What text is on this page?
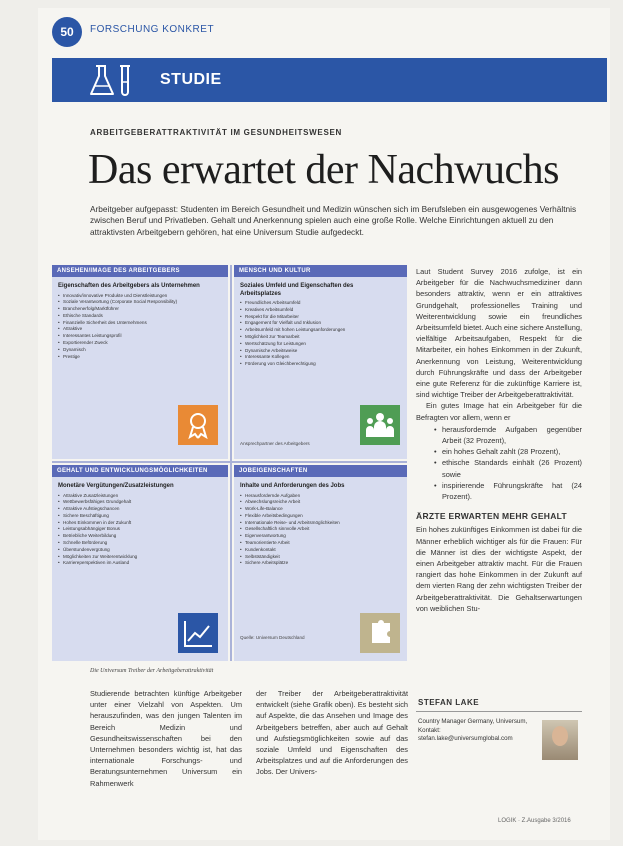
50	FORSCHUNG KONKRET
STUDIE
ARBEITGEBERATTRAKTIVITÄT IM GESUNDHEITSWESEN
Das erwartet der Nachwuchs
Arbeitgeber aufgepasst: Studenten im Bereich Gesundheit und Medizin wünschen sich im Berufsleben ein ausgewogenes Verhältnis zwischen Beruf und Privatleben. Gehalt und Anerkennung spielen auch eine große Rolle. Welche Einrichtungen aktuell zu den attraktivsten Arbeitgebern gehören, hat eine Universum Studie aufgedeckt.
ANSEHEN/IMAGE DES ARBEITGEBERS
Eigenschaften des Arbeitgebers als Unternehmen
• Innovativ/innovative Produkte und Dienstleistungen
• Soziale Verantwortung (Corporate Social Responsibility)
• Branchenerfolg/Marktführer
• Ethische Standards
• Finanzielle Sicherheit des Unternehmens
• Attraktive
• Interessantes Leistungsprofil
• Exportierender Zweck
• Dynamisch
• Prestige
MENSCH UND KULTUR
Soziales Umfeld und Eigenschaften des Arbeitsplatzes
• Freundliches Arbeitsumfeld
• Kreatives Arbeitsumfeld
• Respekt für die Mitarbeiter
• Engagement für Vielfalt und Inklusion
• Arbeitsumfeld mit hohen Leistungsanforderungen
• Möglichkeit zur Teamarbeit
• Wertschätzung für Leistungen
• Dynamische Arbeitsweise
• Interessante Kollegen
• Förderung von Gleichberechtigung
Ansprechpartner des Arbeitgebers
GEHALT UND ENTWICKLUNGSMÖGLICHKEITEN
Monetäre Vergütungen/Zusatzleistungen
• Attraktive Zusatzleistungen
• Wettbewerbsfähiges Grundgehalt
• Attraktive Aufstiegschancen
• Sichere Beschäftigung
• Hohes Einkommen in der Zukunft
• Leistungsabhängiger Bonus
• Betriebliche Weiterbildung
• Schnelle Beförderung
• Überstundenvergütung
• Möglichkeiten zur Weiterentwicklung
• Karriereperspektiven im Ausland
JOBEIGENSCHAFTEN
Inhalte und Anforderungen des Jobs
• Herausfordernde Aufgaben
• Abwechslungsreiche Arbeit
• Work-Life-Balance
• Flexible Arbeitsbedingungen
• Internationale Reise- und Arbeitsmöglichkeiten
• Gesellschaftlich sinnvolle Arbeit
• Eigenverantwortung
• Teamorientierte Arbeit
• Kundenkontakt
• Selbstständigkeit
• Sichere Arbeitsplätze
Quelle: Universum Deutschland
Die Universum Treiber der Arbeitgeberattraktivität

Laut Student Survey 2016 zufolge, ist ein Arbeitgeber für die Nachwuchsmediziner dann besonders attraktiv, wenn er ein attraktives Grundgehalt, professionelles Training und Weiterentwicklung sowie ein freundliches Arbeitsumfeld bietet. Auch eine sichere Anstellung, vielfältige Arbeitsaufgaben, Respekt für die Mitarbeiter, ein hohes Einkommen in der Zukunft, Anerkennung von Leistung, Weiterentwicklung durch Führungskräfte und dass der Arbeitgeber eine gute Referenz für die zukünftige Karriere ist, sind wichtige Treiber der Arbeitgeberattraktivität.

Ein gutes Image hat ein Arbeitgeber für die Befragten vor allem, wenn er

• herausfordernde Aufgaben gegenüber Arbeit (32 Prozent),
• ein hohes Gehalt zahlt (28 Prozent),
• ethische Standards einhält (26 Prozent) sowie
• inspirierende Führungskräfte hat (24 Prozent).
ÄRZTE ERWARTEN MEHR GEHALT

Ein hohes zukünftiges Einkommen ist dabei für die Männer erheblich wichtiger als für die Frauen: Für die Männer ist dies der wichtigste Aspekt, der einen Arbeitgeber attraktiv macht. Für die Frauen rangiert das hohe Einkommen in der Zukunft auf dem vierten Rang der zehn wichtigsten Treiber der Arbeitgeberattraktivität. Die Gehaltserwartungen von weiblichen Stu-

Studierende betrachten künftige Arbeitgeber unter einer Vielzahl von Aspekten. Um herauszufinden, was den jungen Talenten im Bereich Medizin und Gesundheitswissenschaften bei den Unternehmen besonders wichtig ist, hat das internationale Forschungs- und Beratungsunternehmen Universum ein Rahmenwerk
der Treiber der Arbeitgeberattraktivität entwickelt (siehe Grafik oben). Es besteht sich auf Aspekte, die das Ansehen und Image des Arbeitgebers betreffen, aber auch auf Gehalt und Aufstiegsmöglichkeiten sowie auf das soziale Umfeld und Eigenschaften des Arbeitsplatzes und auf die Anforderungen des Jobs. Der Univers-
STEFAN LAKE
Country Manager Germany, Universum, Kontakt: stefan.lake@universumglobal.com
LOGIK · Z.Ausgabe 3/2016
